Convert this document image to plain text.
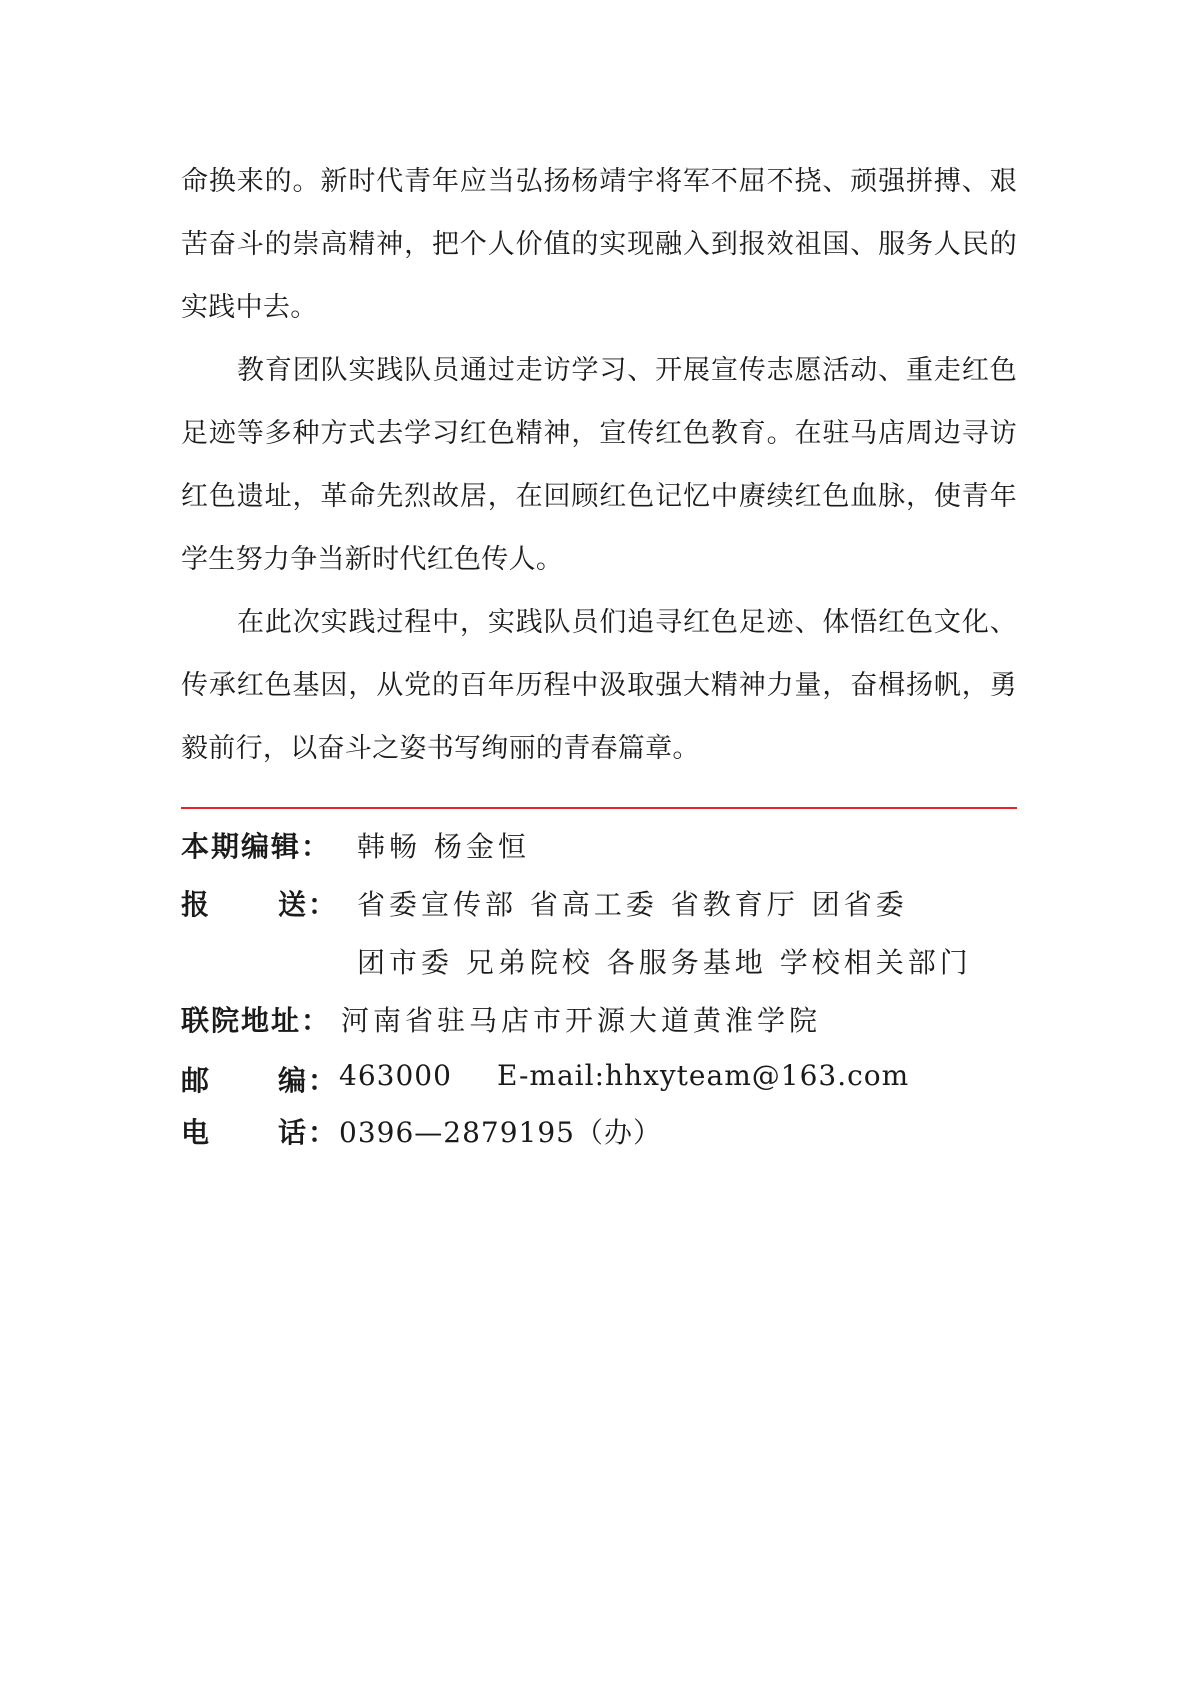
命换来的。新时代青年应当弘扬杨靖宇将军不屈不挠、顽强拼搏、艰苦奋斗的崇高精神，把个人价值的实现融入到报效祖国、服务人民的实践中去。

教育团队实践队员通过走访学习、开展宣传志愿活动、重走红色足迹等多种方式去学习红色精神，宣传红色教育。在驻马店周边寻访红色遗址，革命先烈故居，在回顾红色记忆中赓续红色血脉，使青年学生努力争当新时代红色传人。

在此次实践过程中，实践队员们追寻红色足迹、体悟红色文化、传承红色基因，从党的百年历程中汲取强大精神力量，奋楫扬帆，勇毅前行，以奋斗之姿书写绚丽的青春篇章。

本期编辑： 韩畅 杨金恒
报 送： 省委宣传部 省高工委 省教育厅 团省委
团市委 兄弟院校 各服务基地 学校相关部门
联院地址： 河南省驻马店市开源大道黄淮学院
邮 编： 463000 E-mail:hhxyteam@163.com
电 话： 0396—2879195（办）
